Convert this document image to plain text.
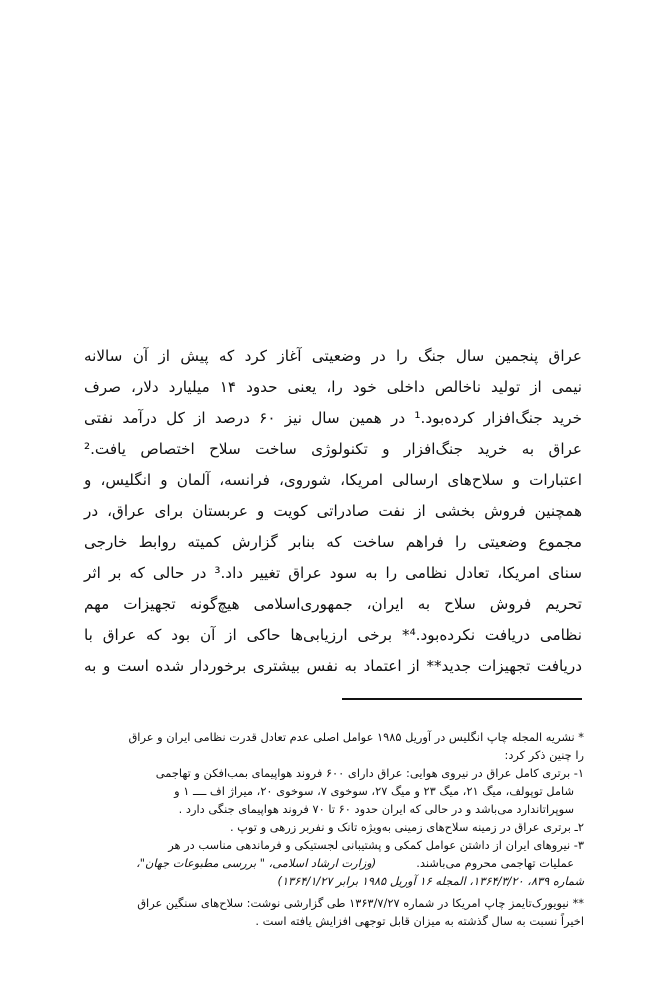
عراق پنجمین سال جنگ را در وضعیتی آغاز کرد که پیش از آن سالانه
نیمی از تولید ناخالص داخلی خود را، یعنی حدود ۱۴ میلیارد دلار، صرف
خرید جنگ‌افزار کرده‌بود.¹ در همین سال نیز ۶۰ درصد از کل درآمد نفتی
عراق به خرید جنگ‌افزار و تکنولوژی ساخت سلاح اختصاص یافت.²
اعتبارات و سلاح‌های ارسالی امریکا، شوروی، فرانسه، آلمان و انگلیس، و
همچنین فروش بخشی از نفت صادراتی کویت و عربستان برای عراق، در
مجموع وضعیتی را فراهم ساخت که بنابر گزارش کمیته روابط خارجی
سنای امریکا، تعادل نظامی را به سود عراق تغییر داد.³ در حالی که بر اثر
تحریم فروش سلاح به ایران، جمهوری‌اسلامی هیچ‌گونه تجهیزات مهم
نظامی دریافت نکرده‌بود.⁴* برخی ارزیابی‌ها حاکی از آن بود که عراق با
دریافت تجهیزات جدید** از اعتماد به نفس بیشتری برخوردار شده است و به
* نشریه المجله چاپ انگلیس در آوریل ۱۹۸۵ عوامل اصلی عدم تعادل قدرت نظامی ایران و عراق
را چنین ذکر کرد:
۱- برتری کامل عراق در نیروی هوایی: عراق دارای ۶۰۰ فروند هواپیمای بمب‌افکن و تهاجمی
شامل توپولف، میگ ۲۱، میگ ۲۳ و میگ ۲۷، سوخوی ۷، سوخوی ۲۰، میراژ اف ــــ ۱ و
سوپراتاندارد می‌باشد و در حالی که ایران حدود ۶۰ تا ۷۰ فروند هواپیمای جنگی دارد .
۲ـ برتری عراق در زمینه سلاح‌های زمینی به‌ویژه تانک و نفربر زرهی و توپ .
۳- نیروهای ایران از داشتن عوامل کمکی و پشتیبانی لجستیکی و فرماندهی مناسب در هر
عملیات تهاجمی محروم می‌باشند.(وزارت ارشاد اسلامی، " بررسی مطبوعات جهان"،
شماره ۸۳۹، ۱۳۶۴/۳/۲۰، المجله ۱۶ آوریل ۱۹۸۵ برابر ۱۳۶۴/۱/۲۷)
** نیویورک‌تایمز چاپ امریکا در شماره ۱۳۶۳/۷/۲۷ طی گزارشی نوشت: سلاح‌های سنگین عراق
اخیراً نسبت به سال گذشته به میزان قابل توجهی افزایش یافته است .
